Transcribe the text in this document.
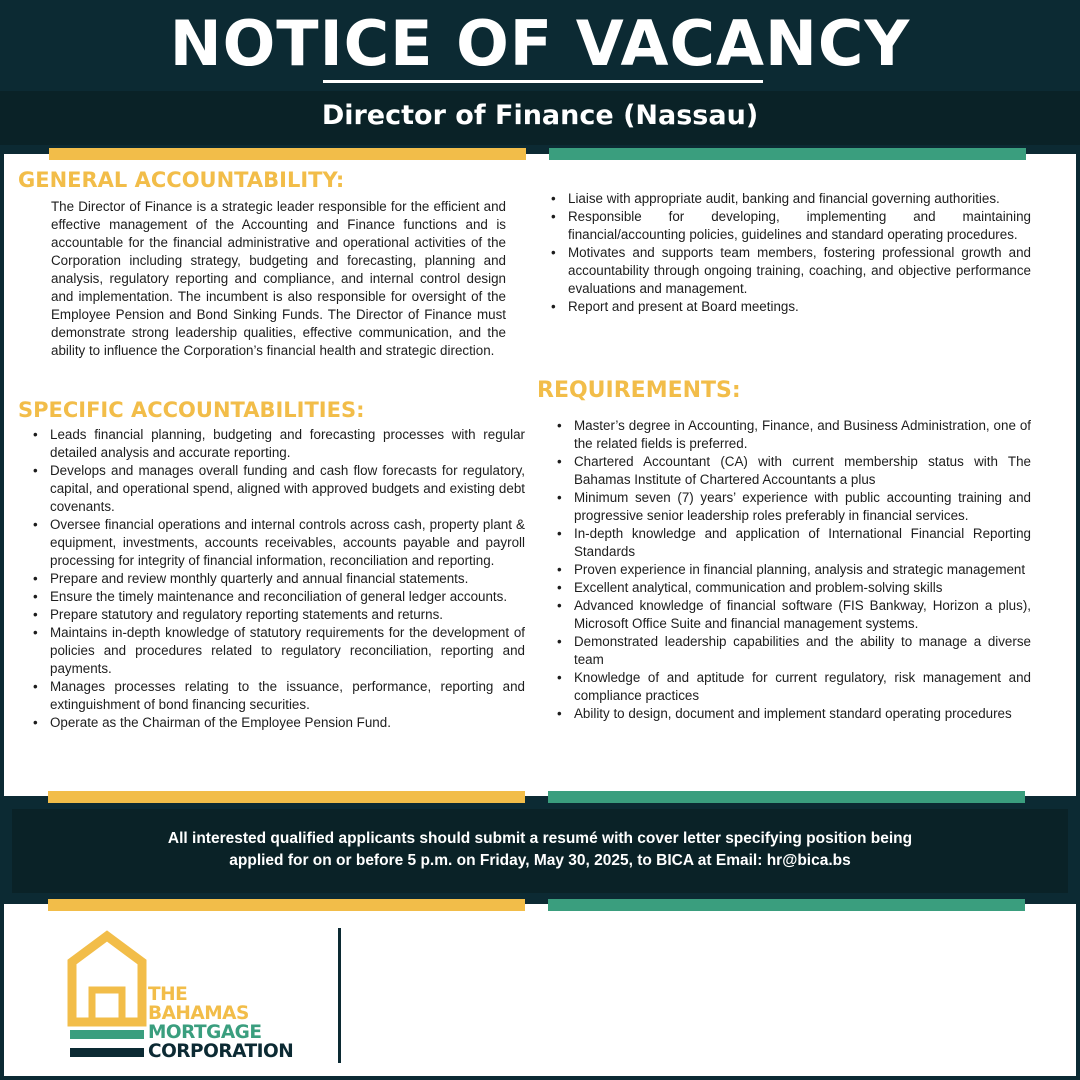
NOTICE OF VACANCY
Director of Finance (Nassau)
GENERAL ACCOUNTABILITY:

The Director of Finance is a strategic leader responsible for the efficient and effective management of the Accounting and Finance functions and is accountable for the financial administrative and operational activities of the Corporation including strategy, budgeting and forecasting, planning and analysis, regulatory reporting and compliance, and internal control design and implementation. The incumbent is also responsible for oversight of the Employee Pension and Bond Sinking Funds. The Director of Finance must demonstrate strong leadership qualities, effective communication, and the ability to influence the Corporation’s financial health and strategic direction.

SPECIFIC ACCOUNTABILITIES:
• Leads financial planning, budgeting and forecasting processes with regular detailed analysis and accurate reporting.
• Develops and manages overall funding and cash flow forecasts for regulatory, capital, and operational spend, aligned with approved budgets and existing debt covenants.
• Oversee financial operations and internal controls across cash, property plant & equipment, investments, accounts receivables, accounts payable and payroll processing for integrity of financial information, reconciliation and reporting.
• Prepare and review monthly quarterly and annual financial statements.
• Ensure the timely maintenance and reconciliation of general ledger accounts.
• Prepare statutory and regulatory reporting statements and returns.
• Maintains in-depth knowledge of statutory requirements for the development of policies and procedures related to regulatory reconciliation, reporting and payments.
• Manages processes relating to the issuance, performance, reporting and extinguishment of bond financing securities.
• Operate as the Chairman of the Employee Pension Fund.
• Liaise with appropriate audit, banking and financial governing authorities.
• Responsible for developing, implementing and maintaining financial/accounting policies, guidelines and standard operating procedures.
• Motivates and supports team members, fostering professional growth and accountability through ongoing training, coaching, and objective performance evaluations and management.
• Report and present at Board meetings.
REQUIREMENTS:
• Master’s degree in Accounting, Finance, and Business Administration, one of the related fields is preferred.
• Chartered Accountant (CA) with current membership status with The Bahamas Institute of Chartered Accountants a plus
• Minimum seven (7) years’ experience with public accounting training and progressive senior leadership roles preferably in financial services.
• In-depth knowledge and application of International Financial Reporting Standards
• Proven experience in financial planning, analysis and strategic management
• Excellent analytical, communication and problem-solving skills
• Advanced knowledge of financial software (FIS Bankway, Horizon a plus), Microsoft Office Suite and financial management systems.
• Demonstrated leadership capabilities and the ability to manage a diverse team
• Knowledge of and aptitude for current regulatory, risk management and compliance practices
• Ability to design, document and implement standard operating procedures
All interested qualified applicants should submit a resumé with cover letter specifying position being
applied for on or before 5 p.m. on Friday, May 30, 2025, to BICA at Email: hr@bica.bs
THE
BAHAMAS
MORTGAGE
CORPORATION
